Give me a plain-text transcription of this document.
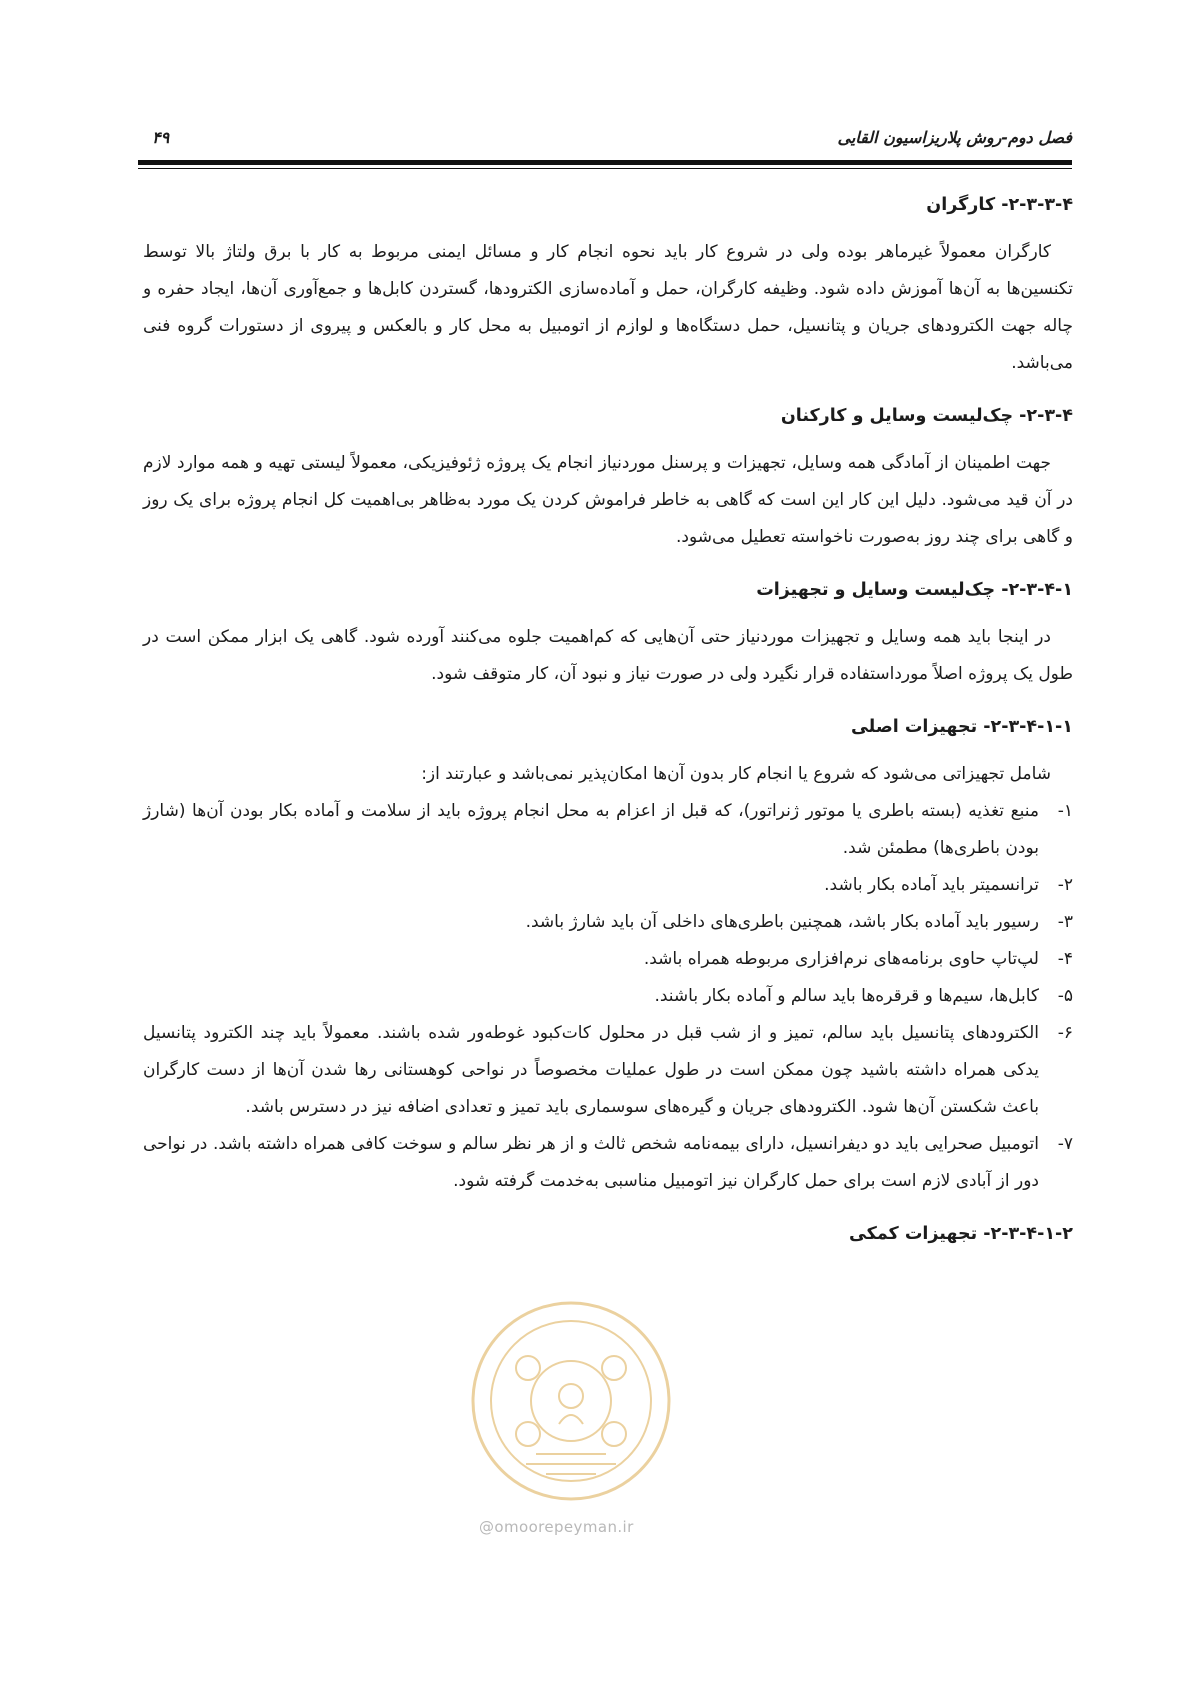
فصل دوم-روش پلاریزاسیون القایی
۴۹

۲-۳-۳-۴- کارگران

کارگران معمولاً غیرماهر بوده ولی در شروع کار باید نحوه انجام کار و مسائل ایمنی مربوط به کار با برق ولتاژ بالا توسط تکنسین‌ها به آن‌ها آموزش داده شود. وظیفه کارگران، حمل و آماده‌سازی الکترودها، گستردن کابل‌ها و جمع‌آوری آن‌ها، ایجاد حفره و چاله جهت الکترودهای جریان و پتانسیل، حمل دستگاه‌ها و لوازم از اتومبیل به محل کار و بالعکس و پیروی از دستورات گروه فنی می‌باشد.

۲-۳-۴- چک‌لیست وسایل و کارکنان

جهت اطمینان از آمادگی همه وسایل، تجهیزات و پرسنل موردنیاز انجام یک پروژه ژئوفیزیکی، معمولاً لیستی تهیه و همه موارد لازم در آن قید می‌شود. دلیل این کار این است که گاهی به خاطر فراموش کردن یک مورد به‌ظاهر بی‌اهمیت کل انجام پروژه برای یک روز و گاهی برای چند روز به‌صورت ناخواسته تعطیل می‌شود.

۲-۳-۴-۱- چک‌لیست وسایل و تجهیزات

در اینجا باید همه وسایل و تجهیزات موردنیاز حتی آن‌هایی که کم‌اهمیت جلوه می‌کنند آورده شود. گاهی یک ابزار ممکن است در طول یک پروژه اصلاً مورداستفاده قرار نگیرد ولی در صورت نیاز و نبود آن، کار متوقف شود.

۲-۳-۴-۱-۱- تجهیزات اصلی

شامل تجهیزاتی می‌شود که شروع یا انجام کار بدون آن‌ها امکان‌پذیر نمی‌باشد و عبارتند از:

۱-
منبع تغذیه (بسته باطری یا موتور ژنراتور)، که قبل از اعزام به محل انجام پروژه باید از سلامت و آماده بکار بودن آن‌ها (شارژ بودن باطری‌ها) مطمئن شد.
۲-
ترانسمیتر باید آماده بکار باشد.
۳-
رسیور باید آماده بکار باشد، همچنین باطری‌های داخلی آن باید شارژ باشد.
۴-
لپ‌تاپ حاوی برنامه‌های نرم‌افزاری مربوطه همراه باشد.
۵-
کابل‌ها، سیم‌ها و قرقره‌ها باید سالم و آماده بکار باشند.
۶-
الکترودهای پتانسیل باید سالم، تمیز و از شب قبل در محلول کات‌کبود غوطه‌ور شده باشند. معمولاً باید چند الکترود پتانسیل یدکی همراه داشته باشید چون ممکن است در طول عملیات مخصوصاً در نواحی کوهستانی رها شدن آن‌ها از دست کارگران باعث شکستن آن‌ها شود. الکترودهای جریان و گیره‌های سوسماری باید تمیز و تعدادی اضافه نیز در دسترس باشد.
۷-
اتومبیل صحرایی باید دو دیفرانسیل، دارای بیمه‌نامه شخص ثالث و از هر نظر سالم و سوخت کافی همراه داشته باشد. در نواحی دور از آبادی لازم است برای حمل کارگران نیز اتومبیل مناسبی به‌خدمت گرفته شود.

۲-۳-۴-۱-۲- تجهیزات کمکی

@omoorepeyman.ir
